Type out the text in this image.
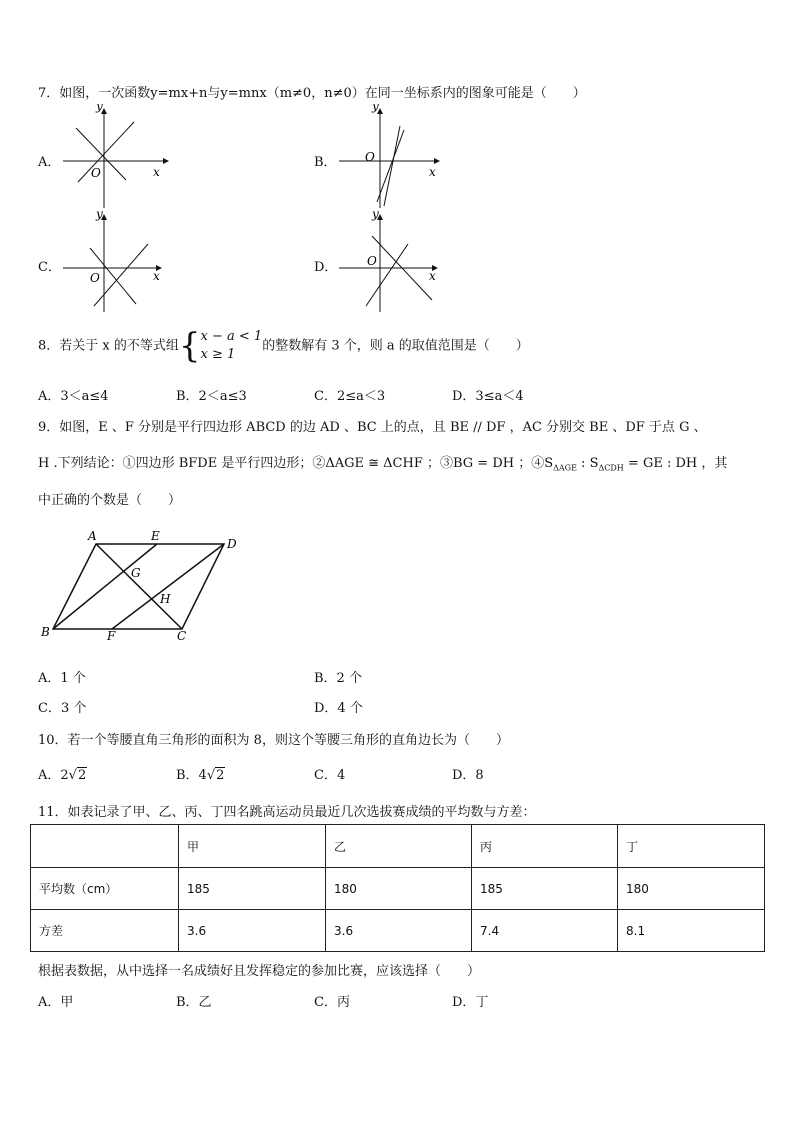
7．如图，一次函数y=mx+n与y=mnx（m≠0，n≠0）在同一坐标系内的图象可能是（　　）
A．
y
x
O
B．
y
x
O
C．
y
x
O
D．
y
x
O
8．若关于 x 的不等式组{x − a < 1
x ≥ 1的整数解有 3 个，则 a 的取值范围是（　　）
A．3＜a≤4	B．2＜a≤3	C．2≤a＜3	D．3≤a＜4
9．如图，E 、F 分别是平行四边形 ABCD 的边 AD 、BC 上的点，且 BE // DF ，AC 分别交 BE 、DF 于点 G 、
H .下列结论：①四边形 BFDE 是平行四边形；②ΔAGE ≅ ΔCHF ；③BG = DH ；$④S_{\Delta AGE}$ : $S_{\Delta CDH}$ = GE : DH ，其
中正确的个数是（　　）
A	E
D
G
H
B	F	C
A．1 个	B．2 个
C．3 个	D．4 个
10．若一个等腰直角三角形的面积为 8，则这个等腰三角形的直角边长为（　　）
A．2√2	B．4√2	C．4	D．8
11．如表记录了甲、乙、丙、丁四名跳高运动员最近几次选拔赛成绩的平均数与方差：
	甲	乙	丙	丁
平均数（cm）	185	180	185	180
方差	3.6	3.6	7.4	8.1
根据表数据，从中选择一名成绩好且发挥稳定的参加比赛，应该选择（　　）
A．甲	B．乙	C．丙	D．丁
